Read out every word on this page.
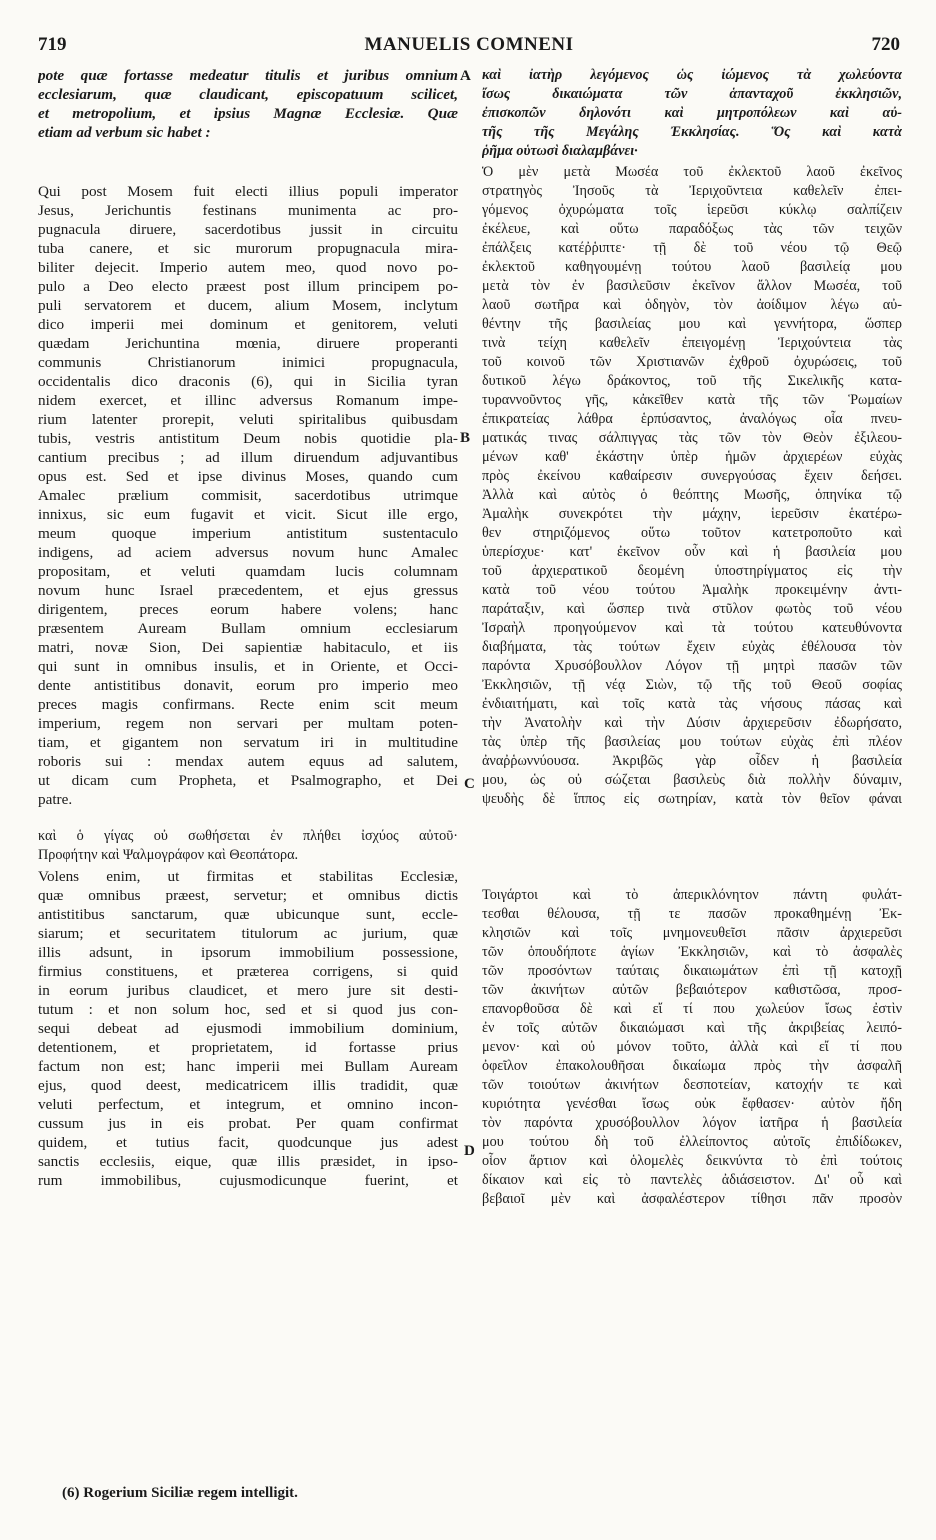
719	MANUELIS COMNENI	720
pote quæ fortasse medeatur titulis et juribus omnium
ecclesiarum, quæ claudicant, episcopatuum scilicet,
et metropolium, et ipsius Magnæ Ecclesiæ. Quæ
etiam ad verbum sic habet :
καὶ ἰατὴρ λεγόμενος ὡς ἰώμενος τὰ χωλεύοντα
ἴσως δικαιώματα τῶν ἁπανταχοῦ ἐκκλησιῶν,
ἐπισκοπῶν δηλονότι καὶ μητροπόλεων καὶ αὐ-
τῆς τῆς Μεγάλης Ἐκκλησίας. Ὅς καὶ κατὰ
ῥῆμα οὑτωσὶ διαλαμβάνει·
Qui post Mosem fuit electi illius populi imperator
Jesus, Jerichuntis festinans munimenta ac pro-
pugnacula diruere, sacerdotibus jussit in circuitu
tuba canere, et sic murorum propugnacula mira-
biliter dejecit. Imperio autem meo, quod novo po-
pulo a Deo electo præest post illum principem po-
puli servatorem et ducem, alium Mosem, inclytum
dico imperii mei dominum et genitorem, veluti
quædam Jerichuntina mœnia, diruere properanti
communis Christianorum inimici propugnacula,
occidentalis dico draconis (6), qui in Sicilia tyran
nidem exercet, et illinc adversus Romanum impe-
rium latenter prorepit, veluti spiritalibus quibusdam
tubis, vestris antistitum Deum nobis quotidie pla-
cantium precibus ; ad illum diruendum adjuvantibus
opus est. Sed et ipse divinus Moses, quando cum
Amalec prælium commisit, sacerdotibus utrimque
innixus, sic eum fugavit et vicit. Sicut ille ergo,
meum quoque imperium antistitum sustentaculo
indigens, ad aciem adversus novum hunc Amalec
propositam, et veluti quamdam lucis columnam
novum hunc Israel præcedentem, et ejus gressus
dirigentem, preces eorum habere volens; hanc
præsentem Auream Bullam omnium ecclesiarum
matri, novæ Sion, Dei sapientiæ habitaculo, et iis
qui sunt in omnibus insulis, et in Oriente, et Occi-
dente antistitibus donavit, eorum pro imperio meo
preces magis confirmans. Recte enim scit meum
imperium, regem non servari per multam poten-
tiam, et gigantem non servatum iri in multitudine
roboris sui : mendax autem equus ad salutem,
ut dicam cum Propheta, et Psalmographo, et Dei
patre.
Ὁ μὲν μετὰ Μωσέα τοῦ ἐκλεκτοῦ λαοῦ ἐκεῖνος
στρατηγὸς Ἰησοῦς τὰ Ἰεριχοῦντεια καθελεῖν ἐπει-
γόμενος ὀχυρώματα τοῖς ἱερεῦσι κύκλῳ σαλπίζειν
ἐκέλευε, καὶ οὕτω παραδόξως τὰς τῶν τειχῶν
ἐπάλξεις κατέῤῥιπτε· τῇ δὲ τοῦ νέου τῷ Θεῷ
ἐκλεκτοῦ καθηγουμένῃ τούτου λαοῦ βασιλείᾳ μου
μετὰ τὸν ἐν βασιλεῦσιν ἐκεῖνον ἄλλον Μωσέα, τοῦ
λαοῦ σωτῆρα καὶ ὁδηγὸν, τὸν ἀοίδιμον λέγω αὐ-
θέντην τῆς βασιλείας μου καὶ γεννήτορα, ὥσπερ
τινὰ τείχη καθελεῖν ἐπειγομένῃ Ἰεριχούντεια τὰς
τοῦ κοινοῦ τῶν Χριστιανῶν ἐχθροῦ ὀχυρώσεις, τοῦ
δυτικοῦ λέγω δράκοντος, τοῦ τῆς Σικελικῆς κατα-
τυραννοῦντος γῆς, κἀκεῖθεν κατὰ τῆς τῶν Ῥωμαίων
ἐπικρατείας λάθρα ἑρπύσαντος, ἀναλόγως οἷα πνευ-
ματικάς τινας σάλπιγγας τὰς τῶν τὸν Θεὸν ἐξιλεου-
μένων καθ' ἑκάστην ὑπὲρ ἡμῶν ἀρχιερέων εὐχὰς
πρὸς ἐκείνου καθαίρεσιν συνεργούσας ἔχειν δεήσει.
Ἀλλὰ καὶ αὐτὸς ὁ θεόπτης Μωσῆς, ὁπηνίκα τῷ
Ἀμαλὴκ συνεκρότει τὴν μάχην, ἱερεῦσιν ἑκατέρω-
θεν στηριζόμενος οὕτω τοῦτον κατετροποῦτο καὶ
ὑπερίσχυε· κατ' ἐκεῖνον οὖν καὶ ἡ βασιλεία μου
τοῦ ἀρχιερατικοῦ δεομένη ὑποστηρίγματος εἰς τὴν
κατὰ τοῦ νέου τούτου Ἀμαλὴκ προκειμένην ἀντι-
παράταξιν, καὶ ὥσπερ τινὰ στῦλον φωτὸς τοῦ νέου
Ἰσραὴλ προηγούμενον καὶ τὰ τούτου κατευθύνοντα
διαβήματα, τὰς τούτων ἔχειν εὐχὰς ἐθέλουσα τὸν
παρόντα Χρυσόβουλλον Λόγον τῇ μητρὶ πασῶν τῶν
Ἐκκλησιῶν, τῇ νέᾳ Σιὼν, τῷ τῆς τοῦ Θεοῦ σοφίας
ἐνδιαιτήματι, καὶ τοῖς κατὰ τὰς νήσους πάσας καὶ
τὴν Ἀνατολὴν καὶ τὴν Δύσιν ἀρχιερεῦσιν ἐδωρήσατο,
τὰς ὑπὲρ τῆς βασιλείας μου τούτων εὐχὰς ἐπὶ πλέον
ἀναῤῥωννύουσα. Ἀκριβῶς γὰρ οἶδεν ἡ βασιλεία
μου, ὡς οὐ σώζεται βασιλεὺς διὰ πολλὴν δύναμιν,
ψευδὴς δὲ ἵππος εἰς σωτηρίαν, κατὰ τὸν θεῖον φάναι
καὶ ὁ γίγας οὐ σωθήσεται ἐν πλήθει ἰσχύος αὐτοῦ·
Προφήτην καὶ Ψαλμογράφον καὶ Θεοπάτορα.
Volens enim, ut firmitas et stabilitas Ecclesiæ,
quæ omnibus præest, servetur; et omnibus dictis
antistitibus sanctarum, quæ ubicunque sunt, eccle-
siarum; et securitatem titulorum ac jurium, quæ
illis adsunt, in ipsorum immobilium possessione,
firmius constituens, et præterea corrigens, si quid
in eorum juribus claudicet, et mero jure sit desti-
tutum : et non solum hoc, sed et si quod jus con-
sequi debeat ad ejusmodi immobilium dominium,
detentionem, et proprietatem, id fortasse prius
factum non est; hanc imperii mei Bullam Auream
ejus, quod deest, medicatricem illis tradidit, quæ
veluti perfectum, et integrum, et omnino incon-
cussum jus in eis probat. Per quam confirmat
quidem, et tutius facit, quodcunque jus adest
sanctis ecclesiis, eique, quæ illis præsidet, in ipso-
rum immobilibus, cujusmodicunque fuerint, et
Τοιγάρτοι καὶ τὸ ἀπερικλόνητον πάντη φυλάτ-
τεσθαι θέλουσα, τῇ τε πασῶν προκαθημένῃ Ἐκ-
κλησιῶν καὶ τοῖς μνημονευθεῖσι πᾶσιν ἀρχιερεῦσι
τῶν ὁπουδήποτε ἁγίων Ἐκκλησιῶν, καὶ τὸ ἀσφαλὲς
τῶν προσόντων ταύταις δικαιωμάτων ἐπὶ τῇ κατοχῇ
τῶν ἀκινήτων αὐτῶν βεβαιότερον καθιστῶσα, προσ-
επανορθοῦσα δὲ καὶ εἴ τί που χωλεύον ἴσως ἐστὶν
ἐν τοῖς αὐτῶν δικαιώμασι καὶ τῆς ἀκριβείας λειπό-
μενον· καὶ οὐ μόνον τοῦτο, ἀλλὰ καὶ εἴ τί που
ὀφεῖλον ἐπακολουθῆσαι δικαίωμα πρὸς τὴν ἀσφαλῆ
τῶν τοιούτων ἀκινήτων δεσποτείαν, κατοχήν τε καὶ
κυριότητα γενέσθαι ἴσως οὐκ ἔφθασεν· αὐτὸν ἤδη
τὸν παρόντα χρυσόβουλλον λόγον ἰατῆρα ἡ βασιλεία
μου τούτου δὴ τοῦ ἐλλείποντος αὐτοῖς ἐπιδίδωκεν,
οἷον ἄρτιον καὶ ὁλομελὲς δεικνύντα τὸ ἐπὶ τούτοις
δίκαιον καὶ εἰς τὸ παντελὲς ἀδιάσειστον. Δι' οὗ καὶ
βεβαιοῖ μὲν καὶ ἀσφαλέστερον τίθησι πᾶν προσὸν
A
B
C
D
(6) Rogerium Siciliæ regem intelligit.
